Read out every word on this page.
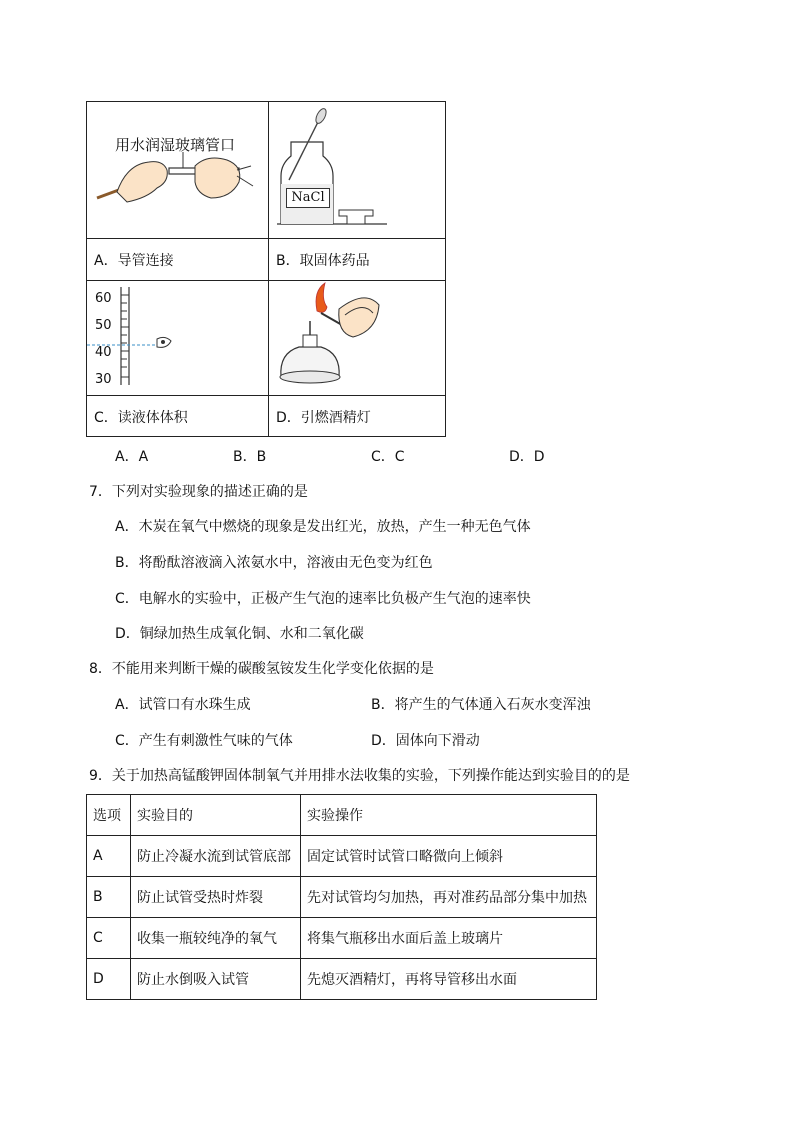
用水润湿玻璃管口
NaCl
A．导管连接	B．取固体药品
60
50
40
30
C．读液体体积	D．引燃酒精灯
A．A	B．B	C．C	D．D
7．下列对实验现象的描述正确的是
A．木炭在氧气中燃烧的现象是发出红光，放热，产生一种无色气体
B．将酚酞溶液滴入浓氨水中，溶液由无色变为红色
C．电解水的实验中，正极产生气泡的速率比负极产生气泡的速率快
D．铜绿加热生成氧化铜、水和二氧化碳
8．不能用来判断干燥的碳酸氢铵发生化学变化依据的是
A．试管口有水珠生成	B．将产生的气体通入石灰水变浑浊
C．产生有刺激性气味的气体	D．固体向下滑动
9．关于加热高锰酸钾固体制氧气并用排水法收集的实验，下列操作能达到实验目的的是
选项	实验目的	实验操作
A	防止冷凝水流到试管底部	固定试管时试管口略微向上倾斜
B	防止试管受热时炸裂	先对试管均匀加热，再对准药品部分集中加热
C	收集一瓶较纯净的氧气	将集气瓶移出水面后盖上玻璃片
D	防止水倒吸入试管	先熄灭酒精灯，再将导管移出水面
